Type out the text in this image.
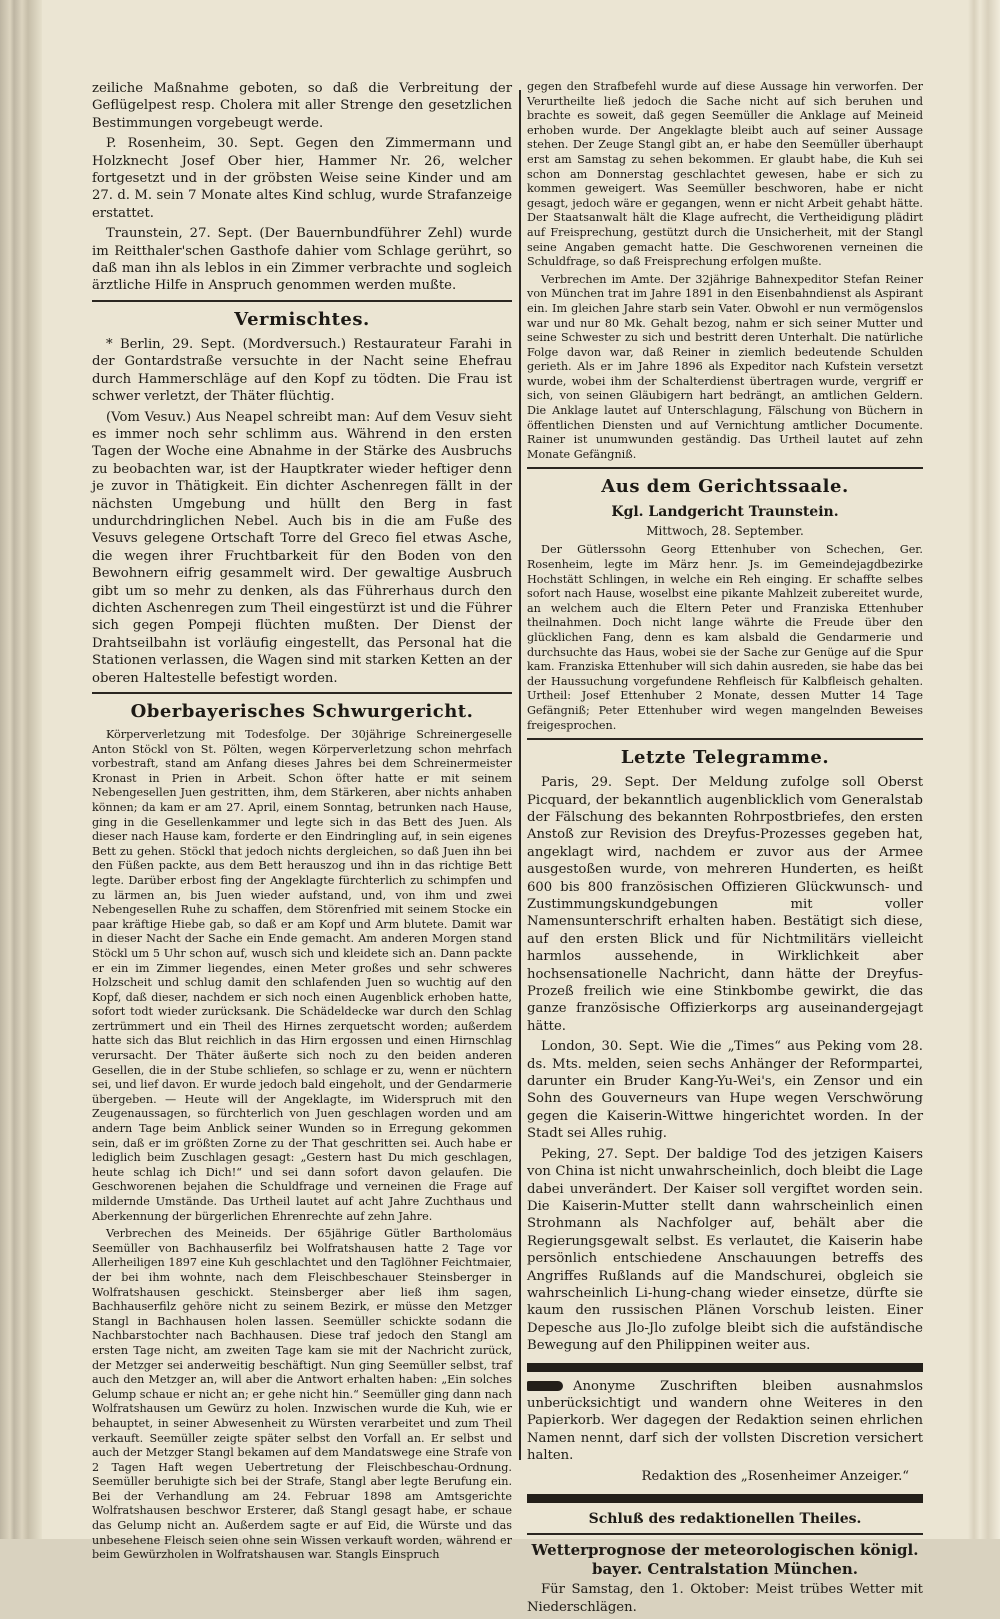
zeiliche Maßnahme geboten, so daß die Verbreitung der Geflügelpest resp. Cholera mit aller Strenge den gesetzlichen Bestimmungen vorgebeugt werde.

P. Rosenheim, 30. Sept. Gegen den Zimmermann und Holzknecht Josef Ober hier, Hammer Nr. 26, welcher fortgesetzt und in der gröbsten Weise seine Kinder und am 27. d. M. sein 7 Monate altes Kind schlug, wurde Strafanzeige erstattet.

Traunstein, 27. Sept. (Der Bauernbundführer Zehl) wurde im Reitthaler'schen Gasthofe dahier vom Schlage gerührt, so daß man ihn als leblos in ein Zimmer verbrachte und sogleich ärztliche Hilfe in Anspruch genommen werden mußte.

Vermischtes.

* Berlin, 29. Sept. (Mordversuch.) Restaurateur Farahi in der Gontardstraße versuchte in der Nacht seine Ehefrau durch Hammerschläge auf den Kopf zu tödten. Die Frau ist schwer verletzt, der Thäter flüchtig.

(Vom Vesuv.) Aus Neapel schreibt man: Auf dem Vesuv sieht es immer noch sehr schlimm aus. Während in den ersten Tagen der Woche eine Abnahme in der Stärke des Ausbruchs zu beobachten war, ist der Hauptkrater wieder heftiger denn je zuvor in Thätigkeit. Ein dichter Aschenregen fällt in der nächsten Umgebung und hüllt den Berg in fast undurchdringlichen Nebel. Auch bis in die am Fuße des Vesuvs gelegene Ortschaft Torre del Greco fiel etwas Asche, die wegen ihrer Fruchtbarkeit für den Boden von den Bewohnern eifrig gesammelt wird. Der gewaltige Ausbruch gibt um so mehr zu denken, als das Führerhaus durch den dichten Aschenregen zum Theil eingestürzt ist und die Führer sich gegen Pompeji flüchten mußten. Der Dienst der Drahtseilbahn ist vorläufig eingestellt, das Personal hat die Stationen verlassen, die Wagen sind mit starken Ketten an der oberen Haltestelle befestigt worden.

Oberbayerisches Schwurgericht.

Körperverletzung mit Todesfolge. Der 30jährige Schreinergeselle Anton Stöckl von St. Pölten, wegen Körperverletzung schon mehrfach vorbestraft, stand am Anfang dieses Jahres bei dem Schreinermeister Kronast in Prien in Arbeit. Schon öfter hatte er mit seinem Nebengesellen Juen gestritten, ihm, dem Stärkeren, aber nichts anhaben können; da kam er am 27. April, einem Sonntag, betrunken nach Hause, ging in die Gesellenkammer und legte sich in das Bett des Juen. Als dieser nach Hause kam, forderte er den Eindringling auf, in sein eigenes Bett zu gehen. Stöckl that jedoch nichts dergleichen, so daß Juen ihn bei den Füßen packte, aus dem Bett herauszog und ihn in das richtige Bett legte. Darüber erbost fing der Angeklagte fürchterlich zu schimpfen und zu lärmen an, bis Juen wieder aufstand, und, von ihm und zwei Nebengesellen Ruhe zu schaffen, dem Störenfried mit seinem Stocke ein paar kräftige Hiebe gab, so daß er am Kopf und Arm blutete. Damit war in dieser Nacht der Sache ein Ende gemacht. Am anderen Morgen stand Stöckl um 5 Uhr schon auf, wusch sich und kleidete sich an. Dann packte er ein im Zimmer liegendes, einen Meter großes und sehr schweres Holzscheit und schlug damit den schlafenden Juen so wuchtig auf den Kopf, daß dieser, nachdem er sich noch einen Augenblick erhoben hatte, sofort todt wieder zurücksank. Die Schädeldecke war durch den Schlag zertrümmert und ein Theil des Hirnes zerquetscht worden; außerdem hatte sich das Blut reichlich in das Hirn ergossen und einen Hirnschlag verursacht. Der Thäter äußerte sich noch zu den beiden anderen Gesellen, die in der Stube schliefen, so schlage er zu, wenn er nüchtern sei, und lief davon. Er wurde jedoch bald eingeholt, und der Gendarmerie übergeben. — Heute will der Angeklagte, im Widerspruch mit den Zeugenaussagen, so fürchterlich von Juen geschlagen worden und am andern Tage beim Anblick seiner Wunden so in Erregung gekommen sein, daß er im größten Zorne zu der That geschritten sei. Auch habe er lediglich beim Zuschlagen gesagt: „Gestern hast Du mich geschlagen, heute schlag ich Dich!“ und sei dann sofort davon gelaufen. Die Geschworenen bejahen die Schuldfrage und verneinen die Frage auf mildernde Umstände. Das Urtheil lautet auf acht Jahre Zuchthaus und Aberkennung der bürgerlichen Ehrenrechte auf zehn Jahre.

Verbrechen des Meineids. Der 65jährige Gütler Bartholomäus Seemüller von Bachhauserfilz bei Wolfratshausen hatte 2 Tage vor Allerheiligen 1897 eine Kuh geschlachtet und den Taglöhner Feichtmaier, der bei ihm wohnte, nach dem Fleischbeschauer Steinsberger in Wolfratshausen geschickt. Steinsberger aber ließ ihm sagen, Bachhauserfilz gehöre nicht zu seinem Bezirk, er müsse den Metzger Stangl in Bachhausen holen lassen. Seemüller schickte sodann die Nachbarstochter nach Bachhausen. Diese traf jedoch den Stangl am ersten Tage nicht, am zweiten Tage kam sie mit der Nachricht zurück, der Metzger sei anderweitig beschäftigt. Nun ging Seemüller selbst, traf auch den Metzger an, will aber die Antwort erhalten haben: „Ein solches Gelump schaue er nicht an; er gehe nicht hin.“ Seemüller ging dann nach Wolfratshausen um Gewürz zu holen. Inzwischen wurde die Kuh, wie er behauptet, in seiner Abwesenheit zu Würsten verarbeitet und zum Theil verkauft. Seemüller zeigte später selbst den Vorfall an. Er selbst und auch der Metzger Stangl bekamen auf dem Mandatswege eine Strafe von 2 Tagen Haft wegen Uebertretung der Fleischbeschau-Ordnung. Seemüller beruhigte sich bei der Strafe, Stangl aber legte Berufung ein. Bei der Verhandlung am 24. Februar 1898 am Amtsgerichte Wolfratshausen beschwor Ersterer, daß Stangl gesagt habe, er schaue das Gelump nicht an. Außerdem sagte er auf Eid, die Würste und das unbesehene Fleisch seien ohne sein Wissen verkauft worden, während er beim Gewürzholen in Wolfratshausen war. Stangls Einspruch

gegen den Strafbefehl wurde auf diese Aussage hin verworfen. Der Verurtheilte ließ jedoch die Sache nicht auf sich beruhen und brachte es soweit, daß gegen Seemüller die Anklage auf Meineid erhoben wurde. Der Angeklagte bleibt auch auf seiner Aussage stehen. Der Zeuge Stangl gibt an, er habe den Seemüller überhaupt erst am Samstag zu sehen bekommen. Er glaubt habe, die Kuh sei schon am Donnerstag geschlachtet gewesen, habe er sich zu kommen geweigert. Was Seemüller beschworen, habe er nicht gesagt, jedoch wäre er gegangen, wenn er nicht Arbeit gehabt hätte. Der Staatsanwalt hält die Klage aufrecht, die Vertheidigung plädirt auf Freisprechung, gestützt durch die Unsicherheit, mit der Stangl seine Angaben gemacht hatte. Die Geschworenen verneinen die Schuldfrage, so daß Freisprechung erfolgen mußte.

Verbrechen im Amte. Der 32jährige Bahnexpeditor Stefan Reiner von München trat im Jahre 1891 in den Eisenbahndienst als Aspirant ein. Im gleichen Jahre starb sein Vater. Obwohl er nun vermögenslos war und nur 80 Mk. Gehalt bezog, nahm er sich seiner Mutter und seine Schwester zu sich und bestritt deren Unterhalt. Die natürliche Folge davon war, daß Reiner in ziemlich bedeutende Schulden gerieth. Als er im Jahre 1896 als Expeditor nach Kufstein versetzt wurde, wobei ihm der Schalterdienst übertragen wurde, vergriff er sich, von seinen Gläubigern hart bedrängt, an amtlichen Geldern. Die Anklage lautet auf Unterschlagung, Fälschung von Büchern in öffentlichen Diensten und auf Vernichtung amtlicher Documente. Rainer ist unumwunden geständig. Das Urtheil lautet auf zehn Monate Gefängniß.

Aus dem Gerichtssaale.
Kgl. Landgericht Traunstein.
Mittwoch, 28. September.

Der Gütlerssohn Georg Ettenhuber von Schechen, Ger. Rosenheim, legte im März henr. Js. im Gemeindejagdbezirke Hochstätt Schlingen, in welche ein Reh einging. Er schaffte selbes sofort nach Hause, woselbst eine pikante Mahlzeit zubereitet wurde, an welchem auch die Eltern Peter und Franziska Ettenhuber theilnahmen. Doch nicht lange währte die Freude über den glücklichen Fang, denn es kam alsbald die Gendarmerie und durchsuchte das Haus, wobei sie der Sache zur Genüge auf die Spur kam. Franziska Ettenhuber will sich dahin ausreden, sie habe das bei der Haussuchung vorgefundene Rehfleisch für Kalbfleisch gehalten. Urtheil: Josef Ettenhuber 2 Monate, dessen Mutter 14 Tage Gefängniß; Peter Ettenhuber wird wegen mangelnden Beweises freigesprochen.

Letzte Telegramme.

Paris, 29. Sept. Der Meldung zufolge soll Oberst Picquard, der bekanntlich augenblicklich vom Generalstab der Fälschung des bekannten Rohrpostbriefes, den ersten Anstoß zur Revision des Dreyfus-Prozesses gegeben hat, angeklagt wird, nachdem er zuvor aus der Armee ausgestoßen wurde, von mehreren Hunderten, es heißt 600 bis 800 französischen Offizieren Glückwunsch- und Zustimmungskundgebungen mit voller Namensunterschrift erhalten haben. Bestätigt sich diese, auf den ersten Blick und für Nichtmilitärs vielleicht harmlos aussehende, in Wirklichkeit aber hochsensationelle Nachricht, dann hätte der Dreyfus-Prozeß freilich wie eine Stinkbombe gewirkt, die das ganze französische Offizierkorps arg auseinandergejagt hätte.

London, 30. Sept. Wie die „Times“ aus Peking vom 28. ds. Mts. melden, seien sechs Anhänger der Reformpartei, darunter ein Bruder Kang-Yu-Wei's, ein Zensor und ein Sohn des Gouverneurs van Hupe wegen Verschwörung gegen die Kaiserin-Wittwe hingerichtet worden. In der Stadt sei Alles ruhig.

Peking, 27. Sept. Der baldige Tod des jetzigen Kaisers von China ist nicht unwahrscheinlich, doch bleibt die Lage dabei unverändert. Der Kaiser soll vergiftet worden sein. Die Kaiserin-Mutter stellt dann wahrscheinlich einen Strohmann als Nachfolger auf, behält aber die Regierungsgewalt selbst. Es verlautet, die Kaiserin habe persönlich entschiedene Anschauungen betreffs des Angriffes Rußlands auf die Mandschurei, obgleich sie wahrscheinlich Li-hung-chang wieder einsetze, dürfte sie kaum den russischen Plänen Vorschub leisten. Einer Depesche aus Jlo-Jlo zufolge bleibt sich die aufständische Bewegung auf den Philippinen weiter aus.

Anonyme Zuschriften bleiben ausnahmslos unberücksichtigt und wandern ohne Weiteres in den Papierkorb. Wer dagegen der Redaktion seinen ehrlichen Namen nennt, darf sich der vollsten Discretion versichert halten.

Redaktion des „Rosenheimer Anzeiger.“

Schluß des redaktionellen Theiles.
Wetterprognose der meteorologischen königl. bayer. Centralstation München.

Für Samstag, den 1. Oktober: Meist trübes Wetter mit Niederschlägen.
